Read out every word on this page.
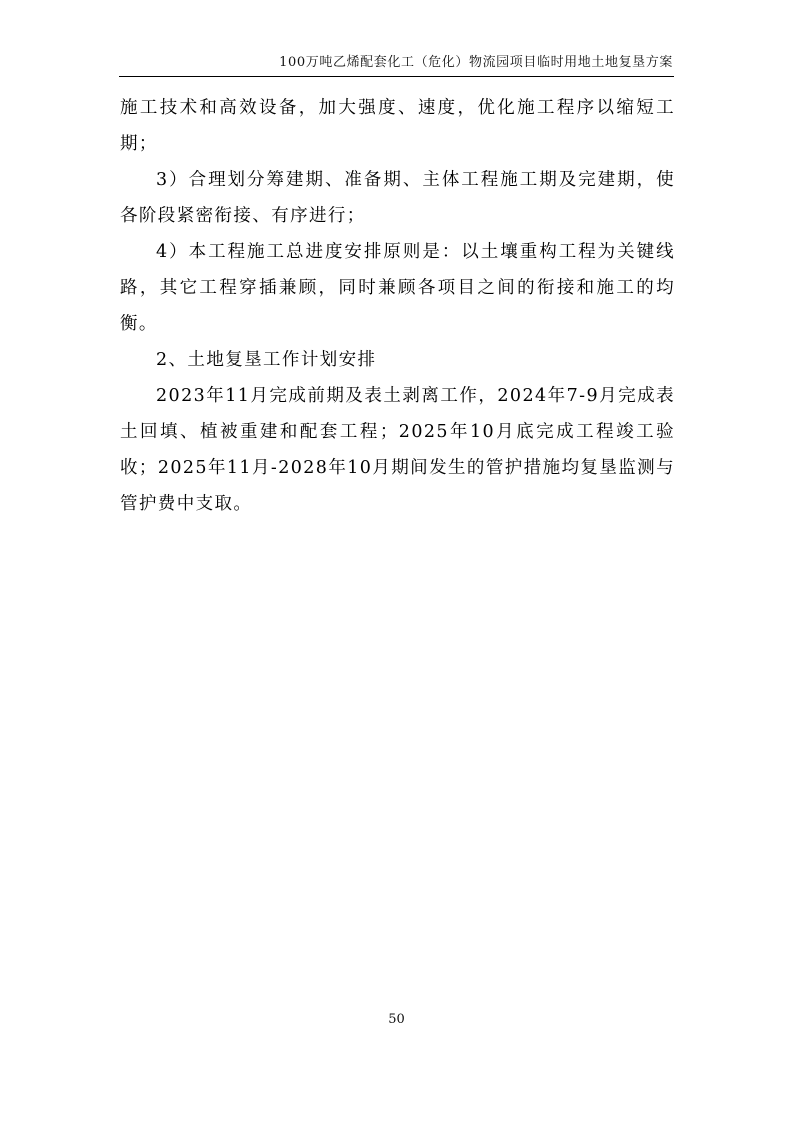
100万吨乙烯配套化工（危化）物流园项目临时用地土地复垦方案

施工技术和高效设备，加大强度、速度，优化施工程序以缩短工期；

3）合理划分筹建期、准备期、主体工程施工期及完建期，使各阶段紧密衔接、有序进行；

4）本工程施工总进度安排原则是：以土壤重构工程为关键线路，其它工程穿插兼顾，同时兼顾各项目之间的衔接和施工的均衡。

2、土地复垦工作计划安排

2023年11月完成前期及表土剥离工作，2024年7-9月完成表土回填、植被重建和配套工程；2025年10月底完成工程竣工验收；2025年11月-2028年10月期间发生的管护措施均复垦监测与管护费中支取。

50
